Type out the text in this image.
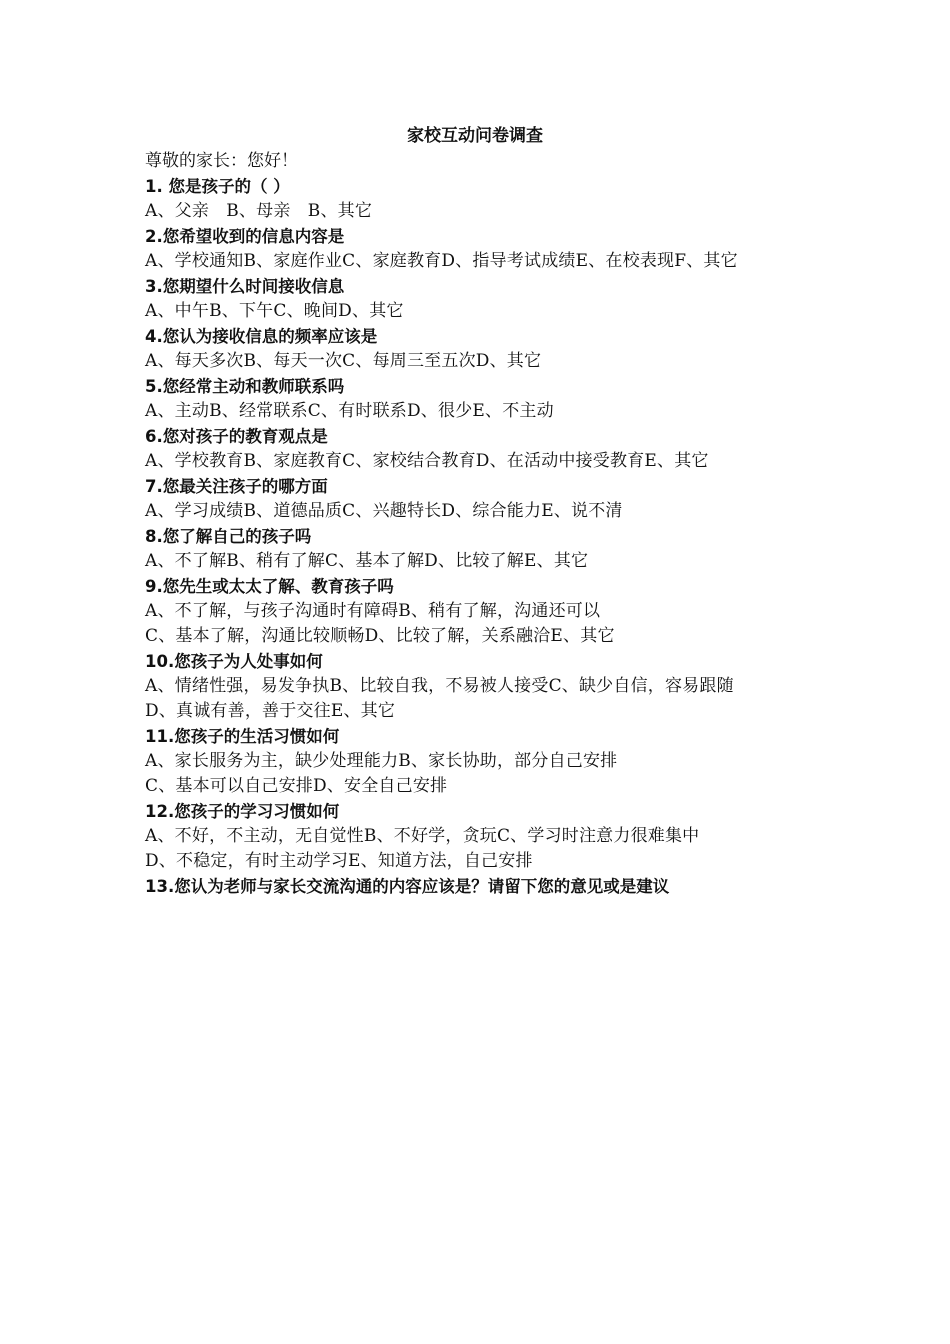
家校互动问卷调查
尊敬的家长：您好！
1. 您是孩子的（ ）
A、父亲　B、母亲　B、其它
2.您希望收到的信息内容是
A、学校通知B、家庭作业C、家庭教育D、指导考试成绩E、在校表现F、其它
3.您期望什么时间接收信息
A、中午B、下午C、晚间D、其它
4.您认为接收信息的频率应该是
A、每天多次B、每天一次C、每周三至五次D、其它
5.您经常主动和教师联系吗
A、主动B、经常联系C、有时联系D、很少E、不主动
6.您对孩子的教育观点是
A、学校教育B、家庭教育C、家校结合教育D、在活动中接受教育E、其它
7.您最关注孩子的哪方面
A、学习成绩B、道德品质C、兴趣特长D、综合能力E、说不清
8.您了解自己的孩子吗
A、不了解B、稍有了解C、基本了解D、比较了解E、其它
9.您先生或太太了解、教育孩子吗
A、不了解，与孩子沟通时有障碍B、稍有了解，沟通还可以
C、基本了解，沟通比较顺畅D、比较了解，关系融洽E、其它
10.您孩子为人处事如何
A、情绪性强，易发争执B、比较自我，不易被人接受C、缺少自信，容易跟随
D、真诚有善，善于交往E、其它
11.您孩子的生活习惯如何
A、家长服务为主，缺少处理能力B、家长协助，部分自己安排
C、基本可以自己安排D、安全自己安排
12.您孩子的学习习惯如何
A、不好，不主动，无自觉性B、不好学，贪玩C、学习时注意力很难集中
D、不稳定，有时主动学习E、知道方法，自己安排
13.您认为老师与家长交流沟通的内容应该是？请留下您的意见或是建议
